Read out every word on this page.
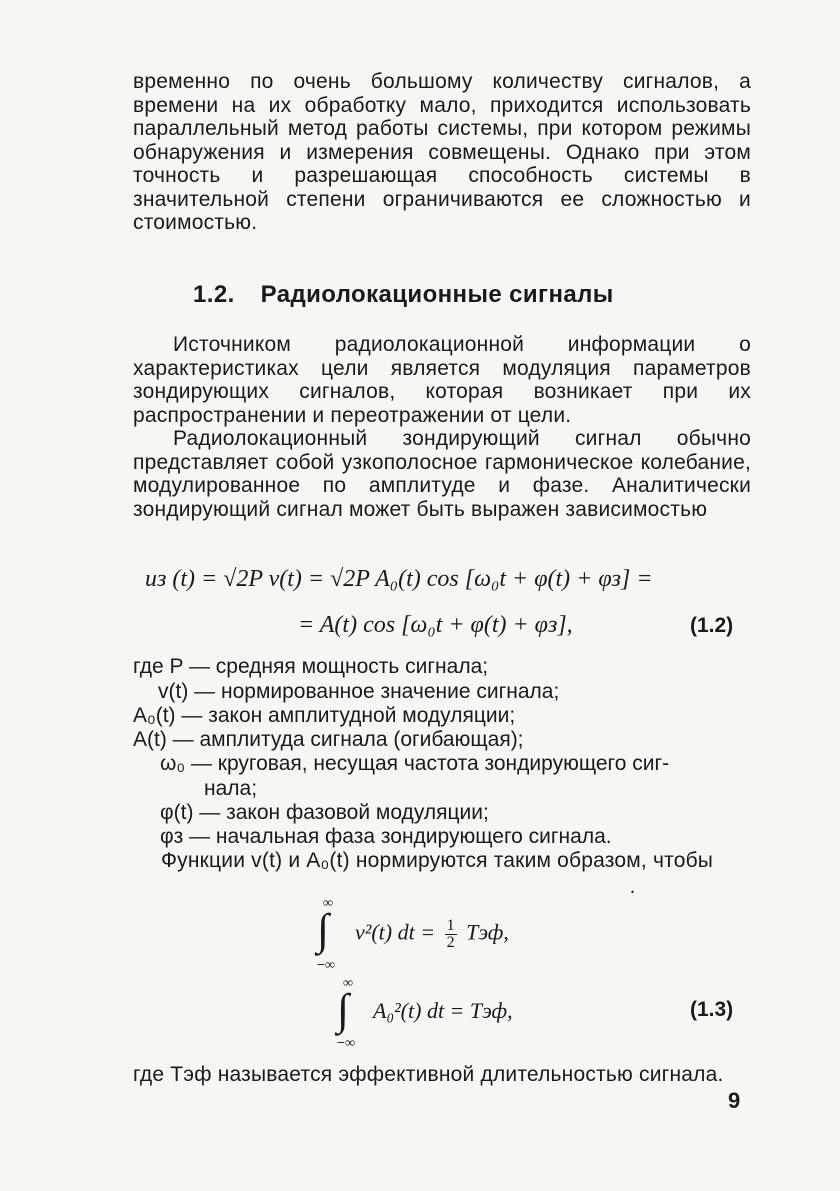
временно по очень большому количеству сигналов, а времени на их обработку мало, приходится использовать параллельный метод работы системы, при котором режимы обнаружения и измерения совмещены. Однако при этом точность и разрешающая способность системы в значительной степени ограничиваются ее сложностью и стоимостью.
1.2. Радиолокационные сигналы
Источником радиолокационной информации о характеристиках цели является модуляция параметров зондирующих сигналов, которая возникает при их распространении и переотражении от цели.
Радиолокационный зондирующий сигнал обычно представляет собой узкополосное гармоническое колебание, модулированное по амплитуде и фазе. Аналитически зондирующий сигнал может быть выражен зависимостью
uз (t) = √2P v(t) = √2P A₀(t) cos [ω₀t + φ(t) + φз] =
= A(t) cos [ω₀t + φ(t) + φз],	(1.2)
где P — средняя мощность сигнала;
v(t) — нормированное значение сигнала;
A₀(t) — закон амплитудной модуляции;
A(t) — амплитуда сигнала (огибающая);
ω₀ — круговая, несущая частота зондирующего сиг-
нала;
φ(t) — закон фазовой модуляции;
φз — начальная фаза зондирующего сигнала.
Функции v(t) и A₀(t) нормируются таким образом, чтобы
.
∞
∫
−∞
v²(t) dt = $\frac{1}{2}$ Tэф,
∞
∫
−∞
A₀²(t) dt = Tэф,	(1.3)
где Tэф называется эффективной длительностью сигнала.
9
